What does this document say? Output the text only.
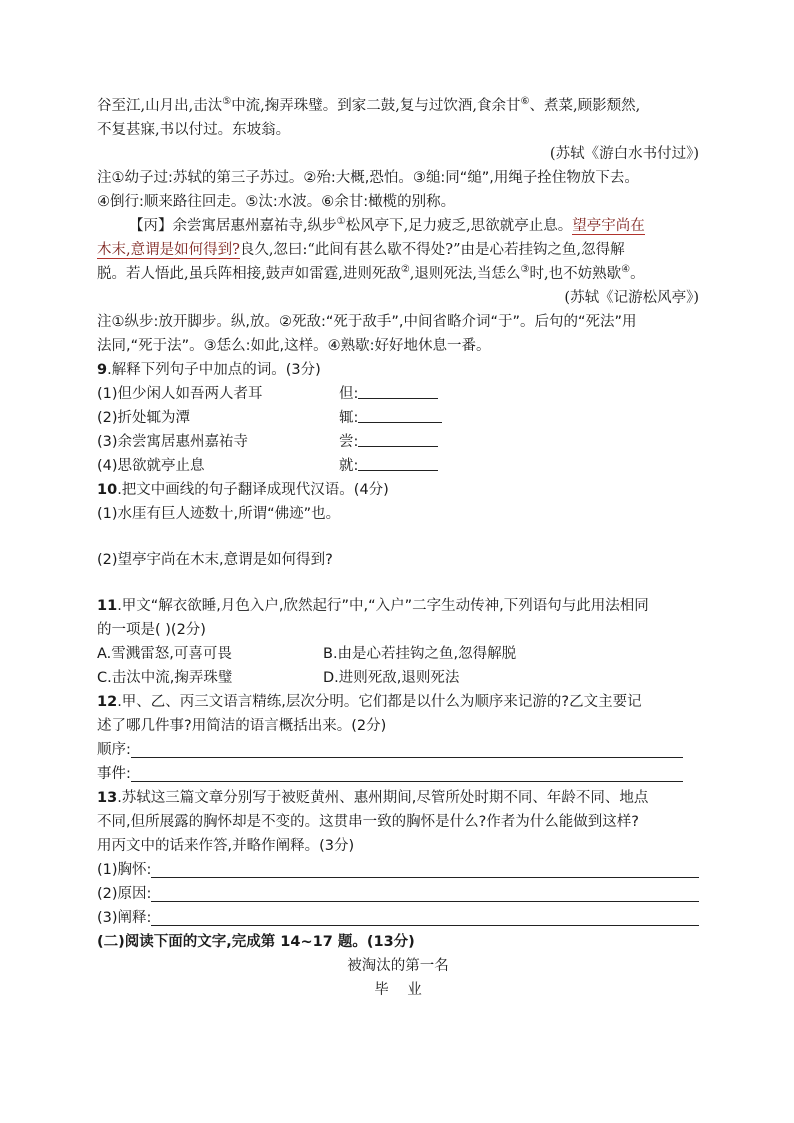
谷至江,山月出,击汰⑤中流,掬弄珠璧。到家二鼓,复与过饮酒,食余甘⑥、煮菜,顾影颓然,
不复甚寐,书以付过。东坡翁。
(苏轼《游白水书付过》)
注①幼子过:苏轼的第三子苏过。②殆:大概,恐怕。③缒:同“缒”,用绳子拴住物放下去。
④倒行:顺来路往回走。⑤汰:水波。⑥余甘:橄榄的别称。
【丙】余尝寓居惠州嘉祐寺,纵步①松风亭下,足力疲乏,思欲就亭止息。望亭宇尚在
木末,意谓是如何得到?良久,忽曰:“此间有甚么歇不得处?”由是心若挂钩之鱼,忽得解
脱。若人悟此,虽兵阵相接,鼓声如雷霆,进则死敌②,退则死法,当恁么③时,也不妨熟歇④。
(苏轼《记游松风亭》)
注①纵步:放开脚步。纵,放。②死敌:“死于敌手”,中间省略介词“于”。后句的“死法”用
法同,“死于法”。③恁么:如此,这样。④熟歇:好好地休息一番。
9.解释下列句子中加点的词。(3分)
(1)但少闲人如吾两人者耳	但:
(2)折处辄为潭	辄:
(3)余尝寓居惠州嘉祐寺	尝:
(4)思欲就亭止息	就:
10.把文中画线的句子翻译成现代汉语。(4分)
(1)水厓有巨人迹数十,所谓“佛迹”也。
(2)望亭宇尚在木末,意谓是如何得到?
11.甲文“解衣欲睡,月色入户,欣然起行”中,“入户”二字生动传神,下列语句与此用法相同
的一项是( )(2分)
A.雪溅雷怒,可喜可畏	B.由是心若挂钩之鱼,忽得解脱
C.击汰中流,掬弄珠璧	D.进则死敌,退则死法
12.甲、乙、丙三文语言精练,层次分明。它们都是以什么为顺序来记游的?乙文主要记
述了哪几件事?用简洁的语言概括出来。(2分)
顺序:
事件:
13.苏轼这三篇文章分别写于被贬黄州、惠州期间,尽管所处时期不同、年龄不同、地点
不同,但所展露的胸怀却是不变的。这贯串一致的胸怀是什么?作者为什么能做到这样?
用丙文中的话来作答,并略作阐释。(3分)
(1)胸怀:
(2)原因:
(3)阐释:
(二)阅读下面的文字,完成第 14~17 题。(13分)
被淘汰的第一名
毕    业
